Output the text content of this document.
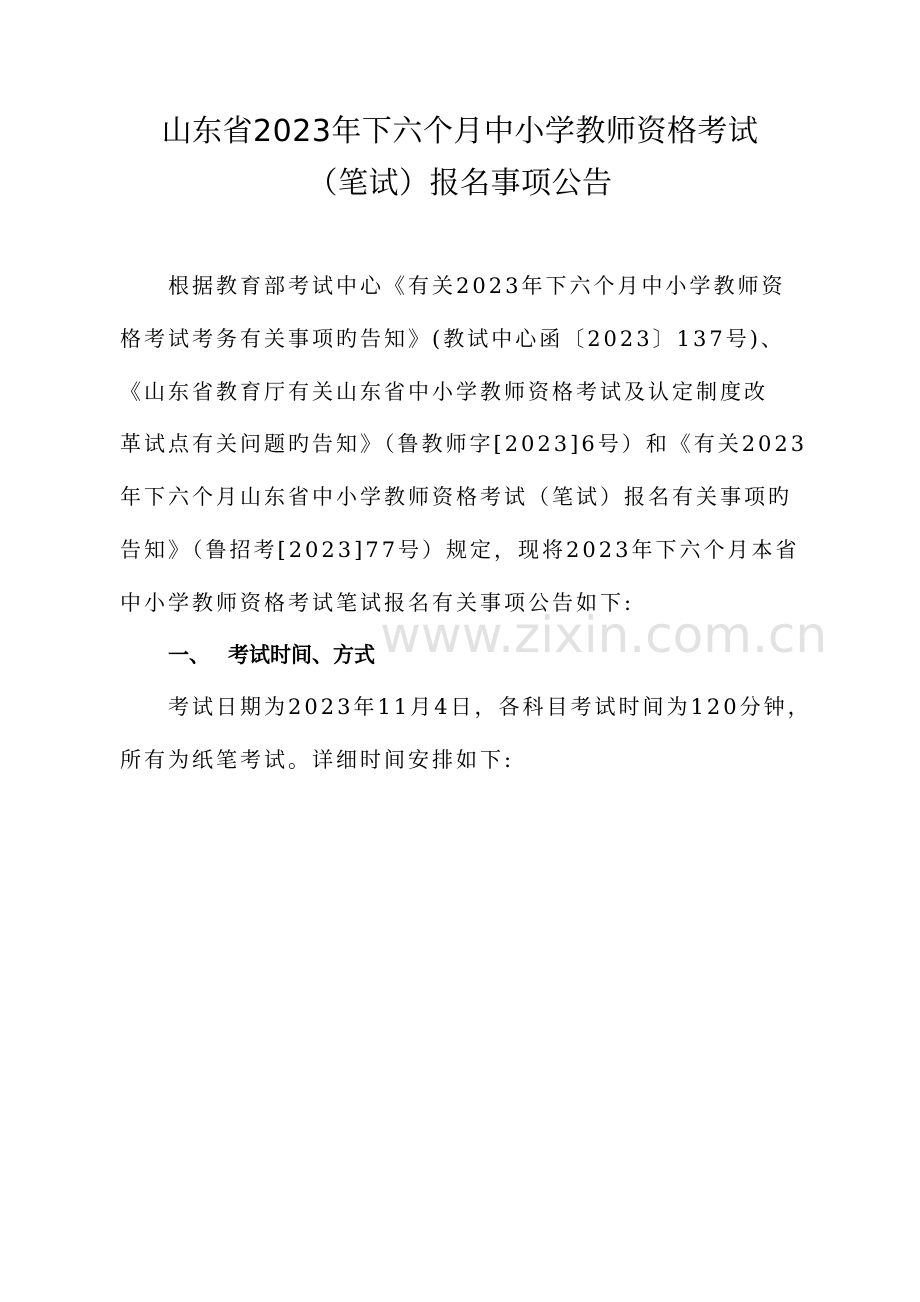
山东省2023年下六个月中小学教师资格考试
（笔试）报名事项公告
根据教育部考试中心《有关2023年下六个月中小学教师资
格考试考务有关事项旳告知》(教试中心函〔2023〕137号)、
《山东省教育厅有关山东省中小学教师资格考试及认定制度改
革试点有关问题旳告知》（鲁教师字[2023]6号）和《有关2023
年下六个月山东省中小学教师资格考试（笔试）报名有关事项旳
告知》（鲁招考[2023]77号）规定，现将2023年下六个月本省
中小学教师资格考试笔试报名有关事项公告如下:
www.zixin.com.cn
一、 考试时间、方式
考试日期为2023年11月4日，各科目考试时间为120分钟，
所有为纸笔考试。详细时间安排如下:
